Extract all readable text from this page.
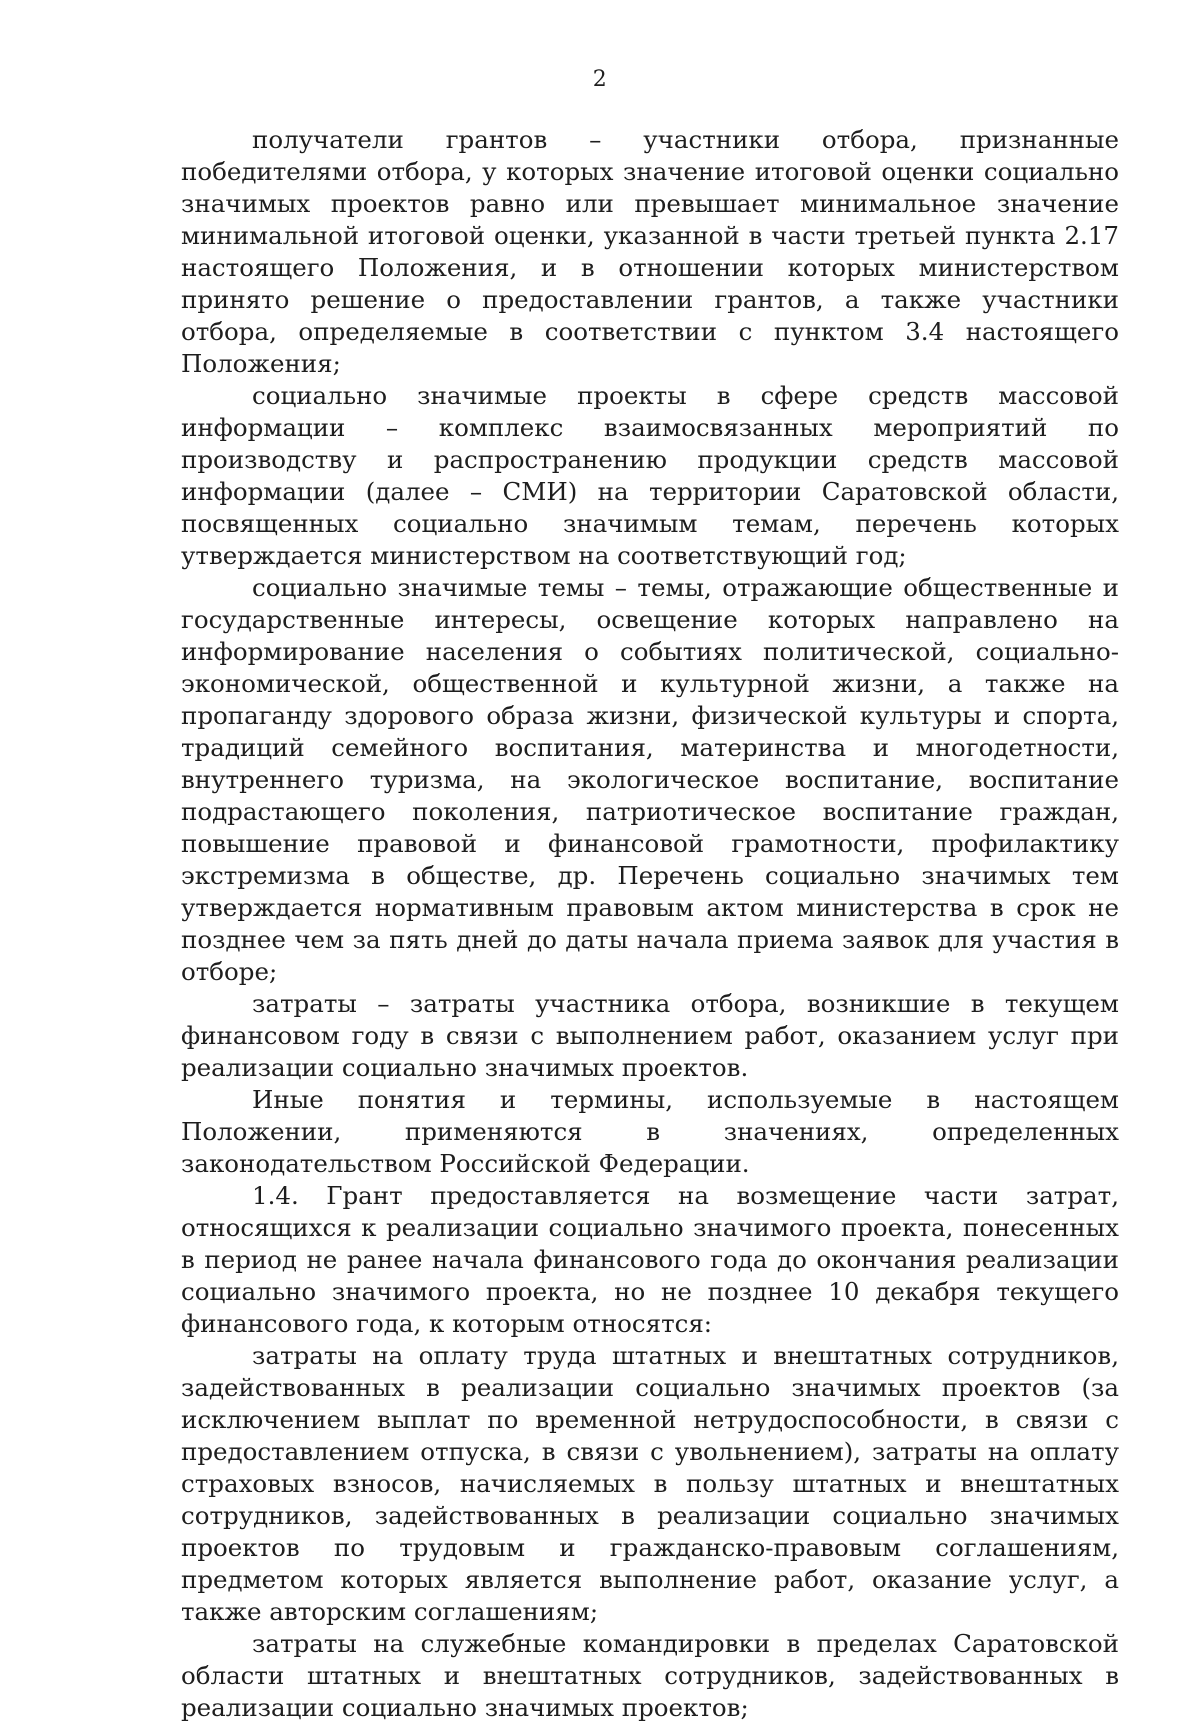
2

получатели грантов – участники отбора, признанные победителями отбора, у которых значение итоговой оценки социально значимых проектов равно или превышает минимальное значение минимальной итоговой оценки, указанной в части третьей пункта 2.17 настоящего Положения, и в отношении которых министерством принято решение о предоставлении грантов, а также участники отбора, определяемые в соответствии с пунктом 3.4 настоящего Положения;

социально значимые проекты в сфере средств массовой информации – комплекс взаимосвязанных мероприятий по производству и распространению продукции средств массовой информации (далее – СМИ) на территории Саратовской области, посвященных социально значимым темам, перечень которых утверждается министерством на соответствующий год;

социально значимые темы – темы, отражающие общественные и государственные интересы, освещение которых направлено на информирование населения о событиях политической, социально-экономической, общественной и культурной жизни, а также на пропаганду здорового образа жизни, физической культуры и спорта, традиций семейного воспитания, материнства и многодетности, внутреннего туризма, на экологическое воспитание, воспитание подрастающего поколения, патриотическое воспитание граждан, повышение правовой и финансовой грамотности, профилактику экстремизма в обществе, др. Перечень социально значимых тем утверждается нормативным правовым актом министерства в срок не позднее чем за пять дней до даты начала приема заявок для участия в отборе;

затраты – затраты участника отбора, возникшие в текущем финансовом году в связи с выполнением работ, оказанием услуг при реализации социально значимых проектов.

Иные понятия и термины, используемые в настоящем Положении, применяются в значениях, определенных законодательством Российской Федерации.

1.4. Грант предоставляется на возмещение части затрат, относящихся к реализации социально значимого проекта, понесенных в период не ранее начала финансового года до окончания реализации социально значимого проекта, но не позднее 10 декабря текущего финансового года, к которым относятся:

затраты на оплату труда штатных и внештатных сотрудников, задействованных в реализации социально значимых проектов (за исключением выплат по временной нетрудоспособности, в связи с предоставлением отпуска, в связи с увольнением), затраты на оплату страховых взносов, начисляемых в пользу штатных и внештатных сотрудников, задействованных в реализации социально значимых проектов по трудовым и гражданско-правовым соглашениям, предметом которых является выполнение работ, оказание услуг, а также авторским соглашениям;

затраты на служебные командировки в пределах Саратовской области штатных и внештатных сотрудников, задействованных в реализации социально значимых проектов;
